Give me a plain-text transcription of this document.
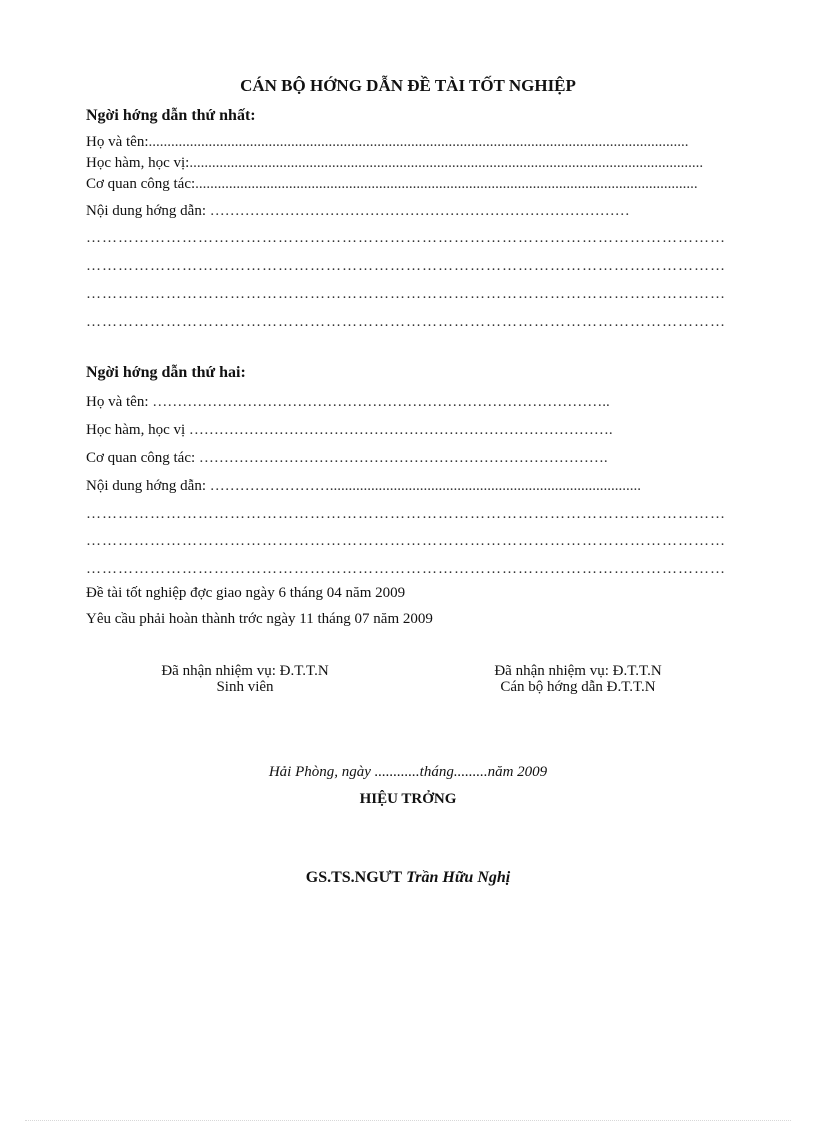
CÁN BỘ HỚNG DẪN ĐỀ TÀI TỐT NGHIỆP
Ngời hớng dẫn thứ nhất:
Họ và tên:................................................................................................................................................
Học hàm, học vị:.........................................................................................................................................
Cơ quan công tác:......................................................................................................................................
Nội dung hớng dẫn: …………………………………………………………………………
…………………………………………………………………………………………………………
…………………………………………………………………………………………………………
…………………………………………………………………………………………………………
…………………………………………………………………………………………………………
Ngời hớng dẫn thứ hai:
Họ và tên: ………………………………………………………………………………..
Học hàm, học vị ………………………………………………………………………….
Cơ quan công tác: ……………………………………………………………………….
Nội dung hớng dẫn: ……………………...................................................................................
…………………………………………………………………………………………………………
…………………………………………………………………………………………………………
…………………………………………………………………………………………………………
Đề tài tốt nghiệp đợc giao ngày 6 tháng 04 năm 2009
Yêu cầu phải hoàn thành trớc ngày 11 tháng 07 năm 2009
Đã nhận nhiệm vụ: Đ.T.T.N
Sinh viên
Đã nhận nhiệm vụ: Đ.T.T.N
Cán bộ hớng dẫn Đ.T.T.N
Hải Phòng, ngày ............tháng.........năm 2009
HIỆU TRỞNG
GS.TS.NGƯT Trần Hữu Nghị
